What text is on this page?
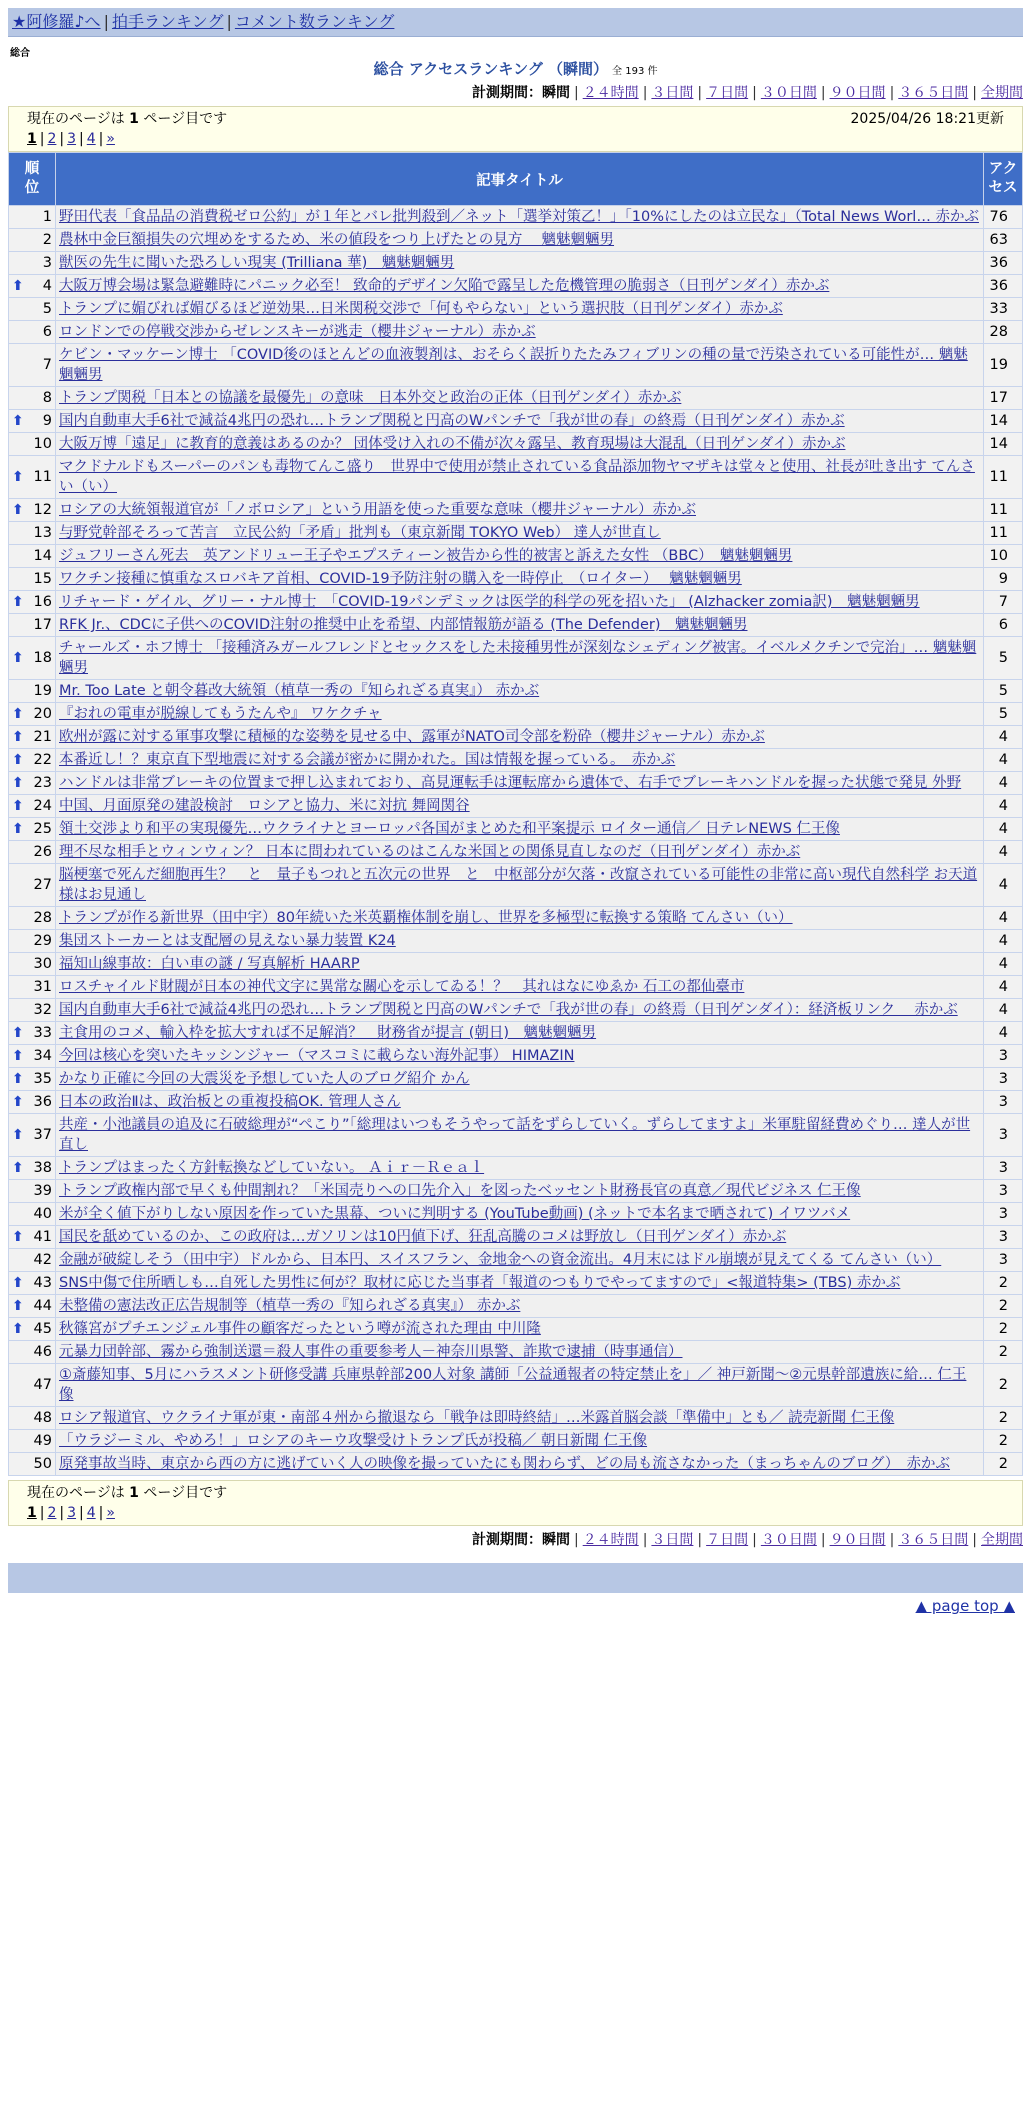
★阿修羅♪へ | 拍手ランキング | コメント数ランキング
総合
総合 アクセスランキング （瞬間） 全 193 件
計測期間：瞬間 | ２４時間 | ３日間 | ７日間 | ３０日間 | ９０日間 | ３６５日間 | 全期間
現在のページは 1 ページ目です	2025/04/26 18:21更新
1 | 2 | 3 | 4 | »
順位	記事タイトル	アクセス

1	野田代表「食品品の消費税ゼロ公約」が１年とバレ批判殺到／ネット「選挙対策乙！」「10%にしたのは立民な」（Total News Worl… 赤かぶ	76
2	農林中金巨額損失の穴埋めをするため、米の値段をつり上げたとの見方　 魑魅魍魎男	63
3	獣医の先生に聞いた恐ろしい現実 (Trilliana 華)　魑魅魍魎男	36

⬆ 4	大阪万博会場は緊急避難時にパニック必至！ 致命的デザイン欠陥で露呈した危機管理の脆弱さ（日刊ゲンダイ）赤かぶ	36
5	トランプに媚びれば媚びるほど逆効果…日米関税交渉で「何もやらない」という選択肢（日刊ゲンダイ）赤かぶ	33
6	ロンドンでの停戦交渉からゼレンスキーが逃走（櫻井ジャーナル）赤かぶ	28
7	ケビン・マッケーン博士 「COVID後のほとんどの血液製剤は、おそらく誤折りたたみフィブリンの種の量で汚染されている可能性が… 魑魅魍魎男	19
8	トランプ関税「日本との協議を最優先」の意味　日本外交と政治の正体（日刊ゲンダイ）赤かぶ	17

⬆ 9	国内自動車大手6社で減益4兆円の恐れ…トランプ関税と円高のWパンチで「我が世の春」の終焉（日刊ゲンダイ）赤かぶ	14
10	大阪万博「遠足」に教育的意義はあるのか？ 団体受け入れの不備が次々露呈、教育現場は大混乱（日刊ゲンダイ）赤かぶ	14

⬆ 11	マクドナルドもスーパーのパンも毒物てんこ盛り　世界中で使用が禁止されている食品添加物ヤマザキは堂々と使用、社長が吐き出す てんさい（い）	11

⬆ 12	ロシアの大統領報道官が「ノボロシア」という用語を使った重要な意味（櫻井ジャーナル）赤かぶ	11
13	与野党幹部そろって苦言　立民公約「矛盾」批判も（東京新聞 TOKYO Web） 達人が世直し	11
14	ジュフリーさん死去　英アンドリュー王子やエプスティーン被告から性的被害と訴えた女性 （BBC）　魑魅魍魎男	10
15	ワクチン接種に慎重なスロバキア首相、COVID-19予防注射の購入を一時停止　（ロイター）　 魑魅魍魎男	9

⬆ 16	リチャード・ゲイル、グリー・ナル博士　「COVID-19パンデミックは医学的科学の死を招いた」 (Alzhacker zomia訳)　魑魅魍魎男	7
17	RFK Jr.、CDCに子供へのCOVID注射の推奨中止を希望、内部情報筋が語る (The Defender)　魑魅魍魎男	6

⬆ 18	チャールズ・ホフ博士 「接種済みガールフレンドとセックスをした未接種男性が深刻なシェディング被害。イベルメクチンで完治」… 魑魅魍魎男	5
19	Mr. Too Late と朝令暮改大統領（植草一秀の『知られざる真実』） 赤かぶ	5

⬆ 20	『おれの電車が脱線してもうたんや』 ワケクチャ	5

⬆ 21	欧州が露に対する軍事攻撃に積極的な姿勢を見せる中、露軍がNATO司令部を粉砕（櫻井ジャーナル）赤かぶ	4

⬆ 22	本番近し！？東京直下型地震に対する会議が密かに開かれた。国は情報を握っている。　赤かぶ	4

⬆ 23	ハンドルは非常ブレーキの位置まで押し込まれており、高見運転手は運転席から遺体で、右手でブレーキハンドルを握った状態で発見 外野	4

⬆ 24	中国、月面原発の建設検討　ロシアと協力、米に対抗 舞岡関谷	4

⬆ 25	領土交渉より和平の実現優先…ウクライナとヨーロッパ各国がまとめた和平案提示 ロイター通信／ 日テレNEWS 仁王像	4
26	理不尽な相手とウィンウィン？ 日本に問われているのはこんな米国との関係見直しなのだ（日刊ゲンダイ）赤かぶ	4
27	脳梗塞で死んだ細胞再生？　と　量子もつれと五次元の世界　と　中枢部分が欠落・改竄されている可能性の非常に高い現代自然科学 お天道様はお見通し	4
28	トランプが作る新世界（田中宇）80年続いた米英覇権体制を崩し、世界を多極型に転換する策略 てんさい（い）	4
29	集団ストーカーとは支配層の見えない暴力装置 K24	4
30	福知山線事故：白い車の謎 / 写真解析 HAARP	4
31	ロスチャイルド財閥が日本の神代文字に異常な關心を示してゐる！？　其れはなにゆゑか 石工の都仙臺市	4
32	国内自動車大手6社で減益4兆円の恐れ…トランプ関税と円高のWパンチで「我が世の春」の終焉（日刊ゲンダイ）：経済板リンク　 赤かぶ	4

⬆ 33	主食用のコメ、輸入枠を拡大すれば不足解消？　財務省が提言 (朝日)　魑魅魍魎男	4

⬆ 34	今回は核心を突いたキッシンジャー（マスコミに載らない海外記事） HIMAZIN	3

⬆ 35	かなり正確に今回の大震災を予想していた人のブログ紹介 かん	3

⬆ 36	日本の政治Ⅱは、政治板との重複投稿OK. 管理人さん	3

⬆ 37	共産・小池議員の追及に石破総理が“ぺこり”「総理はいつもそうやって話をずらしていく。ずらしてますよ」米軍駐留経費めぐり… 達人が世直し	3

⬆ 38	トランプはまったく方針転換などしていない。 Ａｉｒ－Ｒｅａｌ	3
39	トランプ政権内部で早くも仲間割れ？「米国売りへの口先介入」を図ったベッセント財務長官の真意／現代ビジネス 仁王像	3
40	米が全く値下がりしない原因を作っていた黒幕、ついに判明する (YouTube動画) (ネットで本名まで晒されて) イワツバメ	3

⬆ 41	国民を舐めているのか、この政府は…ガソリンは10円値下げ、狂乱高騰のコメは野放し（日刊ゲンダイ）赤かぶ	3
42	金融が破綻しそう（田中宇）ドルから、日本円、スイスフラン、金地金への資金流出。4月末にはドル崩壊が見えてくる てんさい（い）	3

⬆ 43	SNS中傷で住所晒しも…自死した男性に何が？取材に応じた当事者「報道のつもりでやってますので」<報道特集> (TBS) 赤かぶ	2

⬆ 44	未整備の憲法改正広告規制等（植草一秀の『知られざる真実』） 赤かぶ	2

⬆ 45	秋篠宮がプチエンジェル事件の顧客だったという噂が流された理由 中川隆	2
46	元暴力団幹部、霧から強制送還＝殺人事件の重要参考人－神奈川県警、詐欺で逮捕（時事通信）	2
47	①斎藤知事、5月にハラスメント研修受講 兵庫県幹部200人対象 講師「公益通報者の特定禁止を」／ 神戸新聞～②元県幹部遺族に給… 仁王像	2
48	ロシア報道官、ウクライナ軍が東・南部４州から撤退なら「戦争は即時終結」…米露首脳会談「準備中」とも／ 読売新聞 仁王像	2
49	「ウラジーミル、やめろ！」ロシアのキーウ攻撃受けトランプ氏が投稿／ 朝日新聞 仁王像	2
50	原発事故当時、東京から西の方に逃げていく人の映像を撮っていたにも関わらず、どの局も流さなかった（まっちゃんのブログ）　赤かぶ	2
現在のページは 1 ページ目です
1 | 2 | 3 | 4 | »
計測期間：瞬間 | ２４時間 | ３日間 | ７日間 | ３０日間 | ９０日間 | ３６５日間 | 全期間
▲ page top ▲
